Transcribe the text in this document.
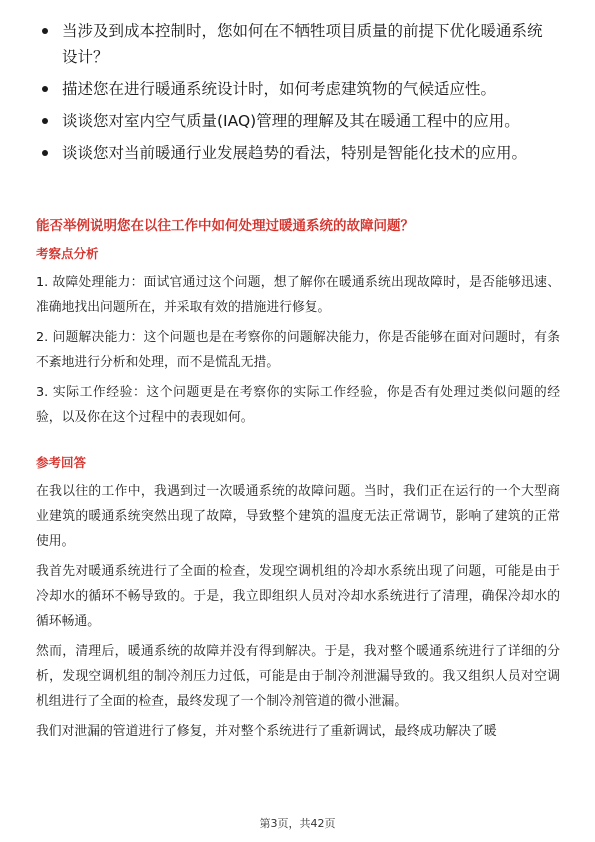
当涉及到成本控制时，您如何在不牺牲项目质量的前提下优化暖通系统设计？
描述您在进行暖通系统设计时，如何考虑建筑物的气候适应性。
谈谈您对室内空气质量(IAQ)管理的理解及其在暖通工程中的应用。
谈谈您对当前暖通行业发展趋势的看法，特别是智能化技术的应用。
能否举例说明您在以往工作中如何处理过暖通系统的故障问题？
考察点分析

1. 故障处理能力：面试官通过这个问题，想了解你在暖通系统出现故障时，是否能够迅速、准确地找出问题所在，并采取有效的措施进行修复。

2. 问题解决能力：这个问题也是在考察你的问题解决能力，你是否能够在面对问题时，有条不紊地进行分析和处理，而不是慌乱无措。

3. 实际工作经验：这个问题更是在考察你的实际工作经验，你是否有处理过类似问题的经验，以及你在这个过程中的表现如何。

参考回答

在我以往的工作中，我遇到过一次暖通系统的故障问题。当时，我们正在运行的一个大型商业建筑的暖通系统突然出现了故障，导致整个建筑的温度无法正常调节，影响了建筑的正常使用。

我首先对暖通系统进行了全面的检查，发现空调机组的冷却水系统出现了问题，可能是由于冷却水的循环不畅导致的。于是，我立即组织人员对冷却水系统进行了清理，确保冷却水的循环畅通。

然而，清理后，暖通系统的故障并没有得到解决。于是，我对整个暖通系统进行了详细的分析，发现空调机组的制冷剂压力过低，可能是由于制冷剂泄漏导致的。我又组织人员对空调机组进行了全面的检查，最终发现了一个制冷剂管道的微小泄漏。

我们对泄漏的管道进行了修复，并对整个系统进行了重新调试，最终成功解决了暖

第3页，共42页
